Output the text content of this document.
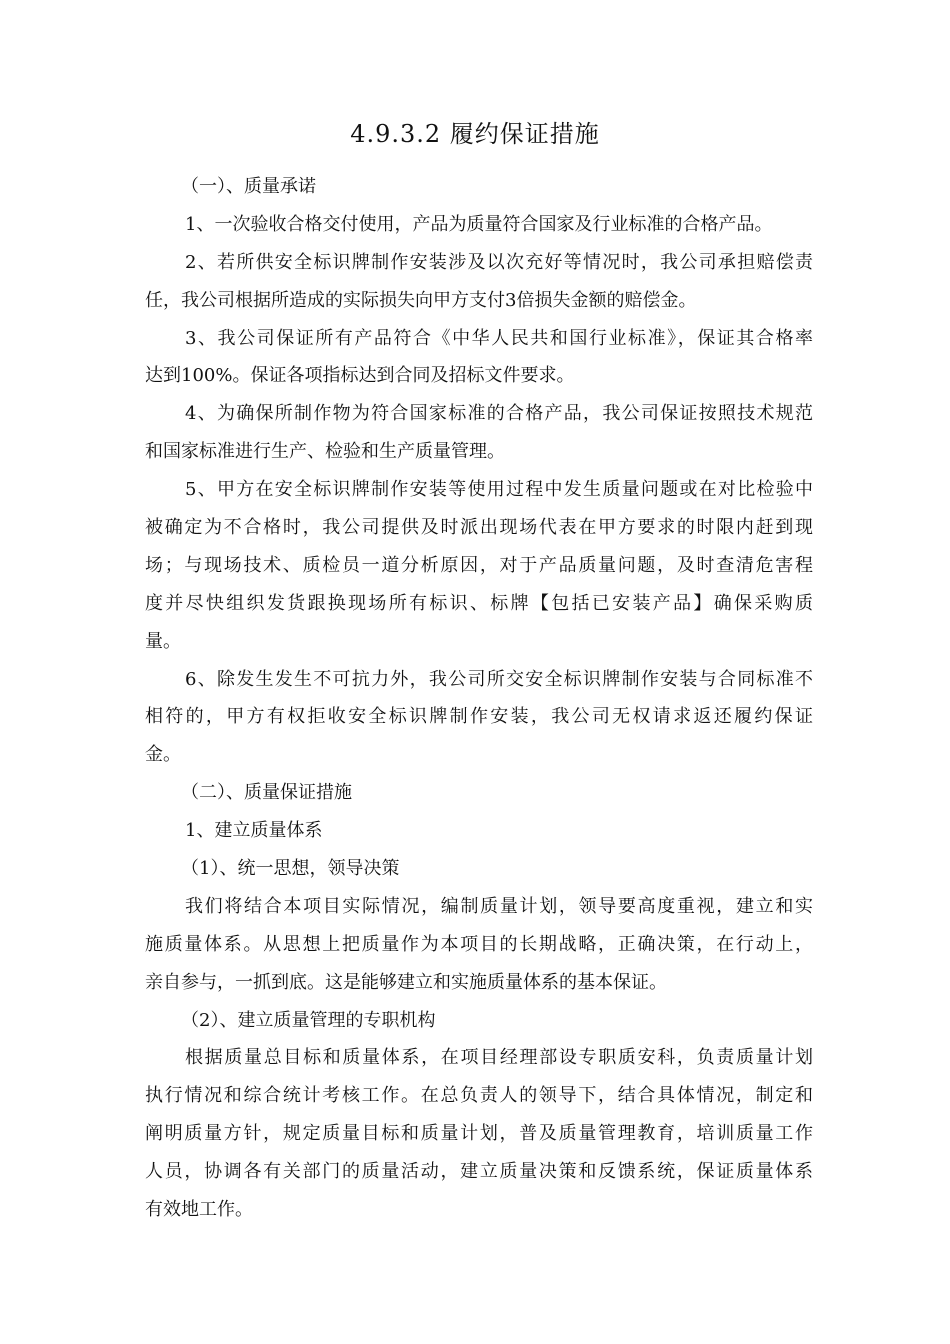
4.9.3.2 履约保证措施

（一）、质量承诺

1、一次验收合格交付使用，产品为质量符合国家及行业标准的合格产品。

2、若所供安全标识牌制作安装涉及以次充好等情况时，我公司承担赔偿责

任，我公司根据所造成的实际损失向甲方支付3倍损失金额的赔偿金。

3、我公司保证所有产品符合《中华人民共和国行业标准》，保证其合格率

达到100%。保证各项指标达到合同及招标文件要求。

4、为确保所制作物为符合国家标准的合格产品，我公司保证按照技术规范

和国家标准进行生产、检验和生产质量管理。

5、甲方在安全标识牌制作安装等使用过程中发生质量问题或在对比检验中

被确定为不合格时，我公司提供及时派出现场代表在甲方要求的时限内赶到现

场；与现场技术、质检员一道分析原因，对于产品质量问题，及时查清危害程

度并尽快组织发货跟换现场所有标识、标牌【包括已安装产品】确保采购质

量。

6、除发生发生不可抗力外，我公司所交安全标识牌制作安装与合同标准不

相符的，甲方有权拒收安全标识牌制作安装，我公司无权请求返还履约保证

金。

（二）、质量保证措施

1、建立质量体系

（1）、统一思想，领导决策

我们将结合本项目实际情况，编制质量计划，领导要高度重视，建立和实

施质量体系。从思想上把质量作为本项目的长期战略，正确决策，在行动上，

亲自参与，一抓到底。这是能够建立和实施质量体系的基本保证。

（2）、建立质量管理的专职机构

根据质量总目标和质量体系，在项目经理部设专职质安科，负责质量计划

执行情况和综合统计考核工作。在总负责人的领导下，结合具体情况，制定和

阐明质量方针，规定质量目标和质量计划，普及质量管理教育，培训质量工作

人员，协调各有关部门的质量活动，建立质量决策和反馈系统，保证质量体系

有效地工作。
